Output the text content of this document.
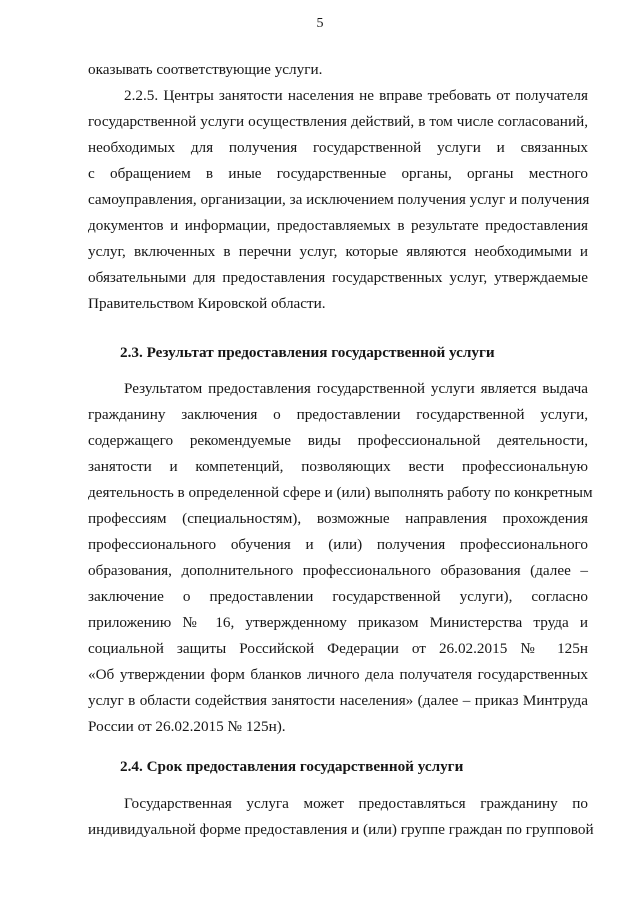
5
оказывать соответствующие услуги.
2.2.5. Центры занятости населения не вправе требовать от получателя
государственной услуги осуществления действий, в том числе согласований,
необходимых для получения государственной услуги и связанных
с обращением в иные государственные органы, органы местного
самоуправления, организации, за исключением получения услуг и получения
документов и информации, предоставляемых в результате предоставления
услуг, включенных в перечни услуг, которые являются необходимыми и
обязательными для предоставления государственных услуг, утверждаемые
Правительством Кировской области.
2.3. Результат предоставления государственной услуги
Результатом предоставления государственной услуги является выдача
гражданину заключения о предоставлении государственной услуги,
содержащего рекомендуемые виды профессиональной деятельности,
занятости и компетенций, позволяющих вести профессиональную
деятельность в определенной сфере и (или) выполнять работу по конкретным
профессиям (специальностям), возможные направления прохождения
профессионального обучения и (или) получения профессионального
образования, дополнительного профессионального образования (далее –
заключение о предоставлении государственной услуги), согласно
приложению № 16, утвержденному приказом Министерства труда и
социальной защиты Российской Федерации от 26.02.2015 № 125н
«Об утверждении форм бланков личного дела получателя государственных
услуг в области содействия занятости населения» (далее – приказ Минтруда
России от 26.02.2015 № 125н).
2.4. Срок предоставления государственной услуги
Государственная услуга может предоставляться гражданину по
индивидуальной форме предоставления и (или) группе граждан по групповой
